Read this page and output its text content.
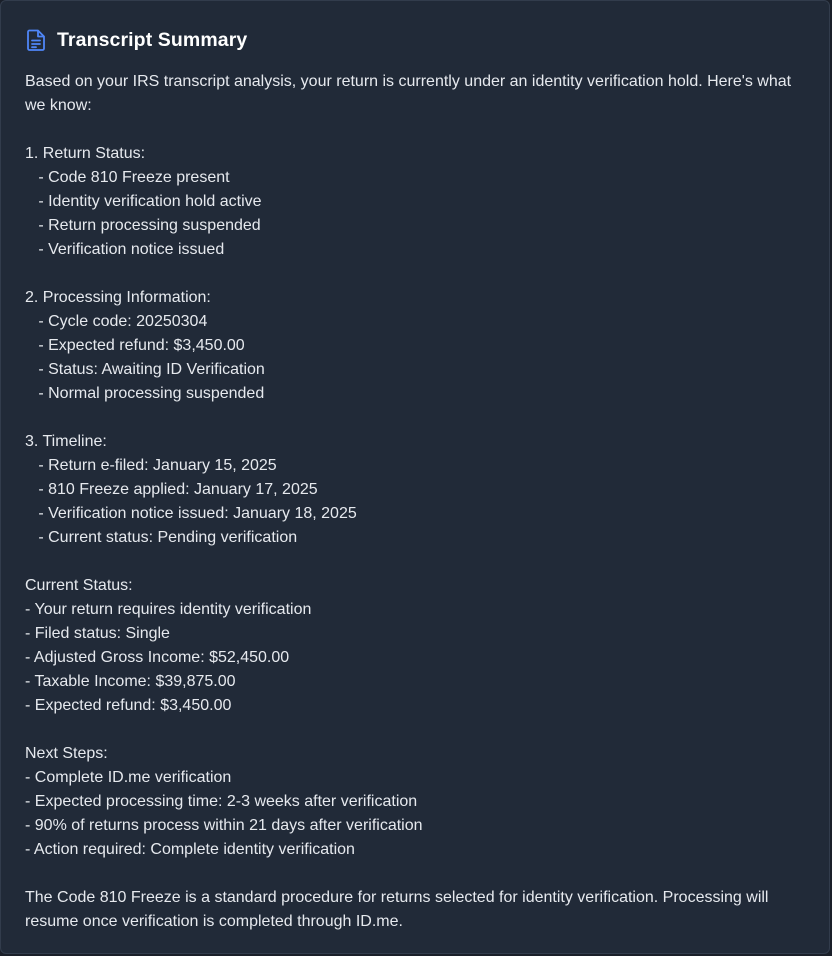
Transcript Summary
Based on your IRS transcript analysis, your return is currently under an identity verification hold. Here's what we know:
1. Return Status:
- Code 810 Freeze present
- Identity verification hold active
- Return processing suspended
- Verification notice issued
2. Processing Information:
- Cycle code: 20250304
- Expected refund: $3,450.00
- Status: Awaiting ID Verification
- Normal processing suspended
3. Timeline:
- Return e-filed: January 15, 2025
- 810 Freeze applied: January 17, 2025
- Verification notice issued: January 18, 2025
- Current status: Pending verification
Current Status:
- Your return requires identity verification
- Filed status: Single
- Adjusted Gross Income: $52,450.00
- Taxable Income: $39,875.00
- Expected refund: $3,450.00
Next Steps:
- Complete ID.me verification
- Expected processing time: 2-3 weeks after verification
- 90% of returns process within 21 days after verification
- Action required: Complete identity verification
The Code 810 Freeze is a standard procedure for returns selected for identity verification. Processing will resume once verification is completed through ID.me.
